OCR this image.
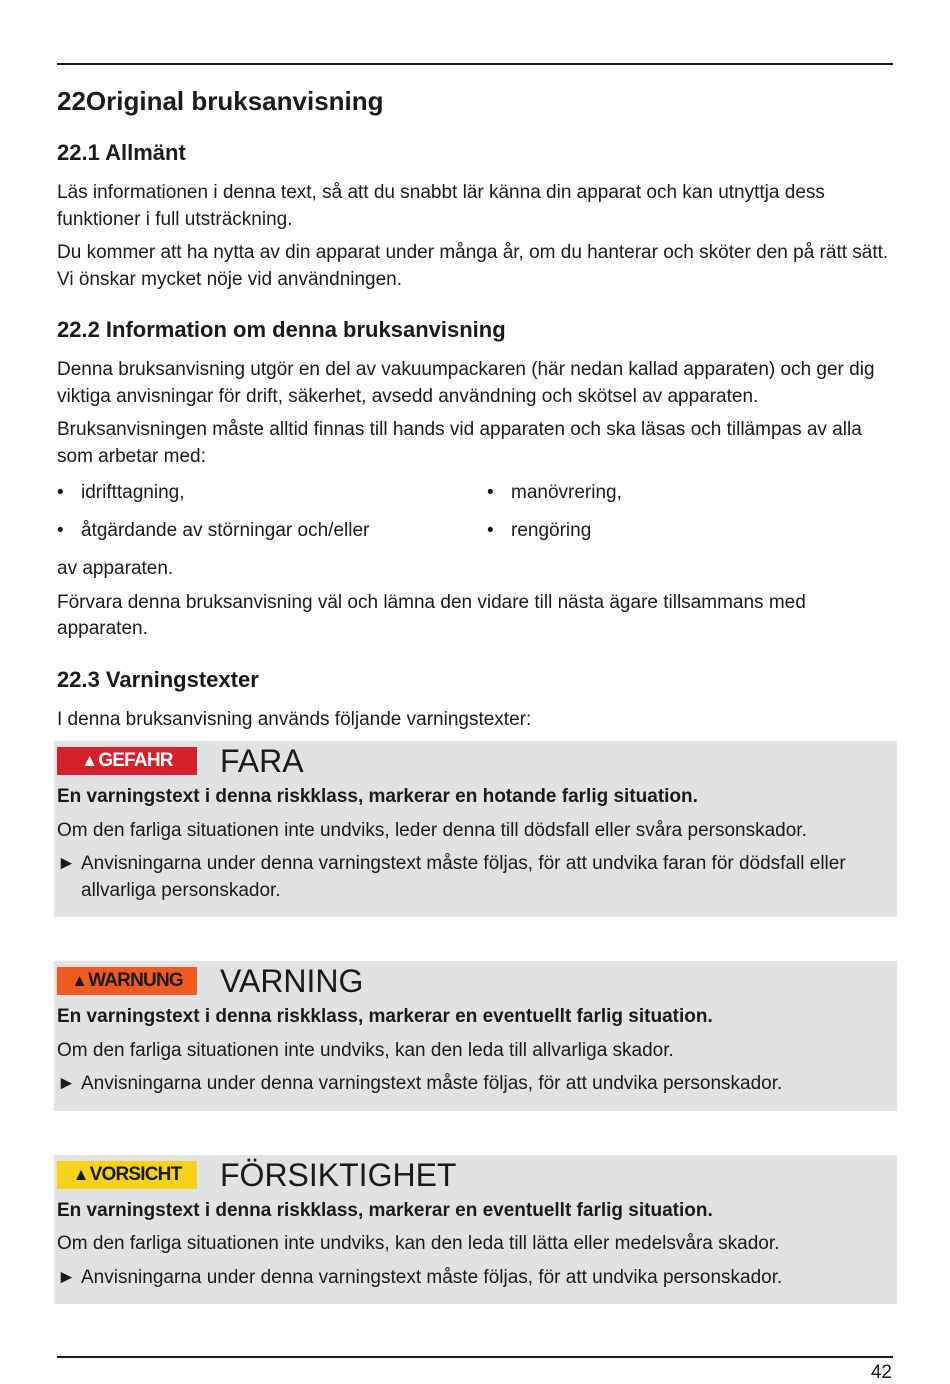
22Original bruksanvisning
22.1 Allmänt

Läs informationen i denna text, så att du snabbt lär känna din apparat och kan utnyttja dess funktioner i full utsträckning.

Du kommer att ha nytta av din apparat under många år, om du hanterar och sköter den på rätt sätt. Vi önskar mycket nöje vid användningen.

22.2 Information om denna bruksanvisning

Denna bruksanvisning utgör en del av vakuumpackaren (här nedan kallad apparaten) och ger dig viktiga anvisningar för drift, säkerhet, avsedd användning och skötsel av apparaten.

Bruksanvisningen måste alltid finnas till hands vid apparaten och ska läsas och tillämpas av alla som arbetar med:

• idrifttagning,	• manövrering,
• åtgärdande av störningar och/eller	• rengöring

av apparaten.

Förvara denna bruksanvisning väl och lämna den vidare till nästa ägare tillsammans med apparaten.

22.3 Varningstexter

I denna bruksanvisning används följande varningstexter:

▲ GEFAHR FARA

En varningstext i denna riskklass, markerar en hotande farlig situation.

Om den farliga situationen inte undviks, leder denna till dödsfall eller svåra personskador.

► Anvisningarna under denna varningstext måste följas, för att undvika faran för dödsfall eller allvarliga personskador.
▲ WARNUNG VARNING

En varningstext i denna riskklass, markerar en eventuellt farlig situation.

Om den farliga situationen inte undviks, kan den leda till allvarliga skador.

► Anvisningarna under denna varningstext måste följas, för att undvika personskador.
▲ VORSICHT FÖRSIKTIGHET

En varningstext i denna riskklass, markerar en eventuellt farlig situation.

Om den farliga situationen inte undviks, kan den leda till lätta eller medelsvåra skador.

► Anvisningarna under denna varningstext måste följas, för att undvika personskador.
42
